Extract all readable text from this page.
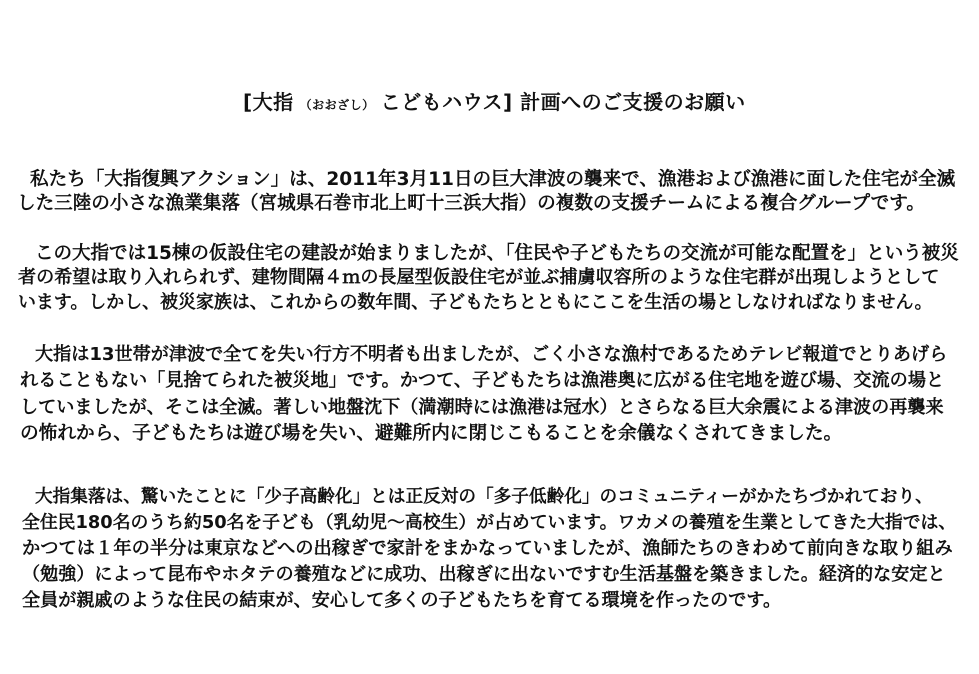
[大指 （おおざし） こどもハウス] 計画へのご支援のお願い
私たち「大指復興アクション」は、2011年3月11日の巨大津波の襲来で、漁港および漁港に面した住宅が全滅
した三陸の小さな漁業集落（宮城県石巻市北上町十三浜大指）の複数の支援チームによる複合グループです。
この大指では15棟の仮設住宅の建設が始まりましたが、「住民や子どもたちの交流が可能な配置を」という被災
者の希望は取り入れられず、建物間隔４ｍの長屋型仮設住宅が並ぶ捕虜収容所のような住宅群が出現しようとして
います。しかし、被災家族は、これからの数年間、子どもたちとともにここを生活の場としなければなりません。
大指は13世帯が津波で全てを失い行方不明者も出ましたが、ごく小さな漁村であるためテレビ報道でとりあげら
れることもない「見捨てられた被災地」です。かつて、子どもたちは漁港奥に広がる住宅地を遊び場、交流の場と
していましたが、そこは全滅。著しい地盤沈下（満潮時には漁港は冠水）とさらなる巨大余震による津波の再襲来
の怖れから、子どもたちは遊び場を失い、避難所内に閉じこもることを余儀なくされてきました。
大指集落は、驚いたことに「少子高齢化」とは正反対の「多子低齢化」のコミュニティーがかたちづかれており、
全住民180名のうち約50名を子ども（乳幼児～高校生）が占めています。ワカメの養殖を生業としてきた大指では、
かつては１年の半分は東京などへの出稼ぎで家計をまかなっていましたが、漁師たちのきわめて前向きな取り組み
（勉強）によって昆布やホタテの養殖などに成功、出稼ぎに出ないですむ生活基盤を築きました。経済的な安定と
全員が親戚のような住民の結束が、安心して多くの子どもたちを育てる環境を作ったのです。
